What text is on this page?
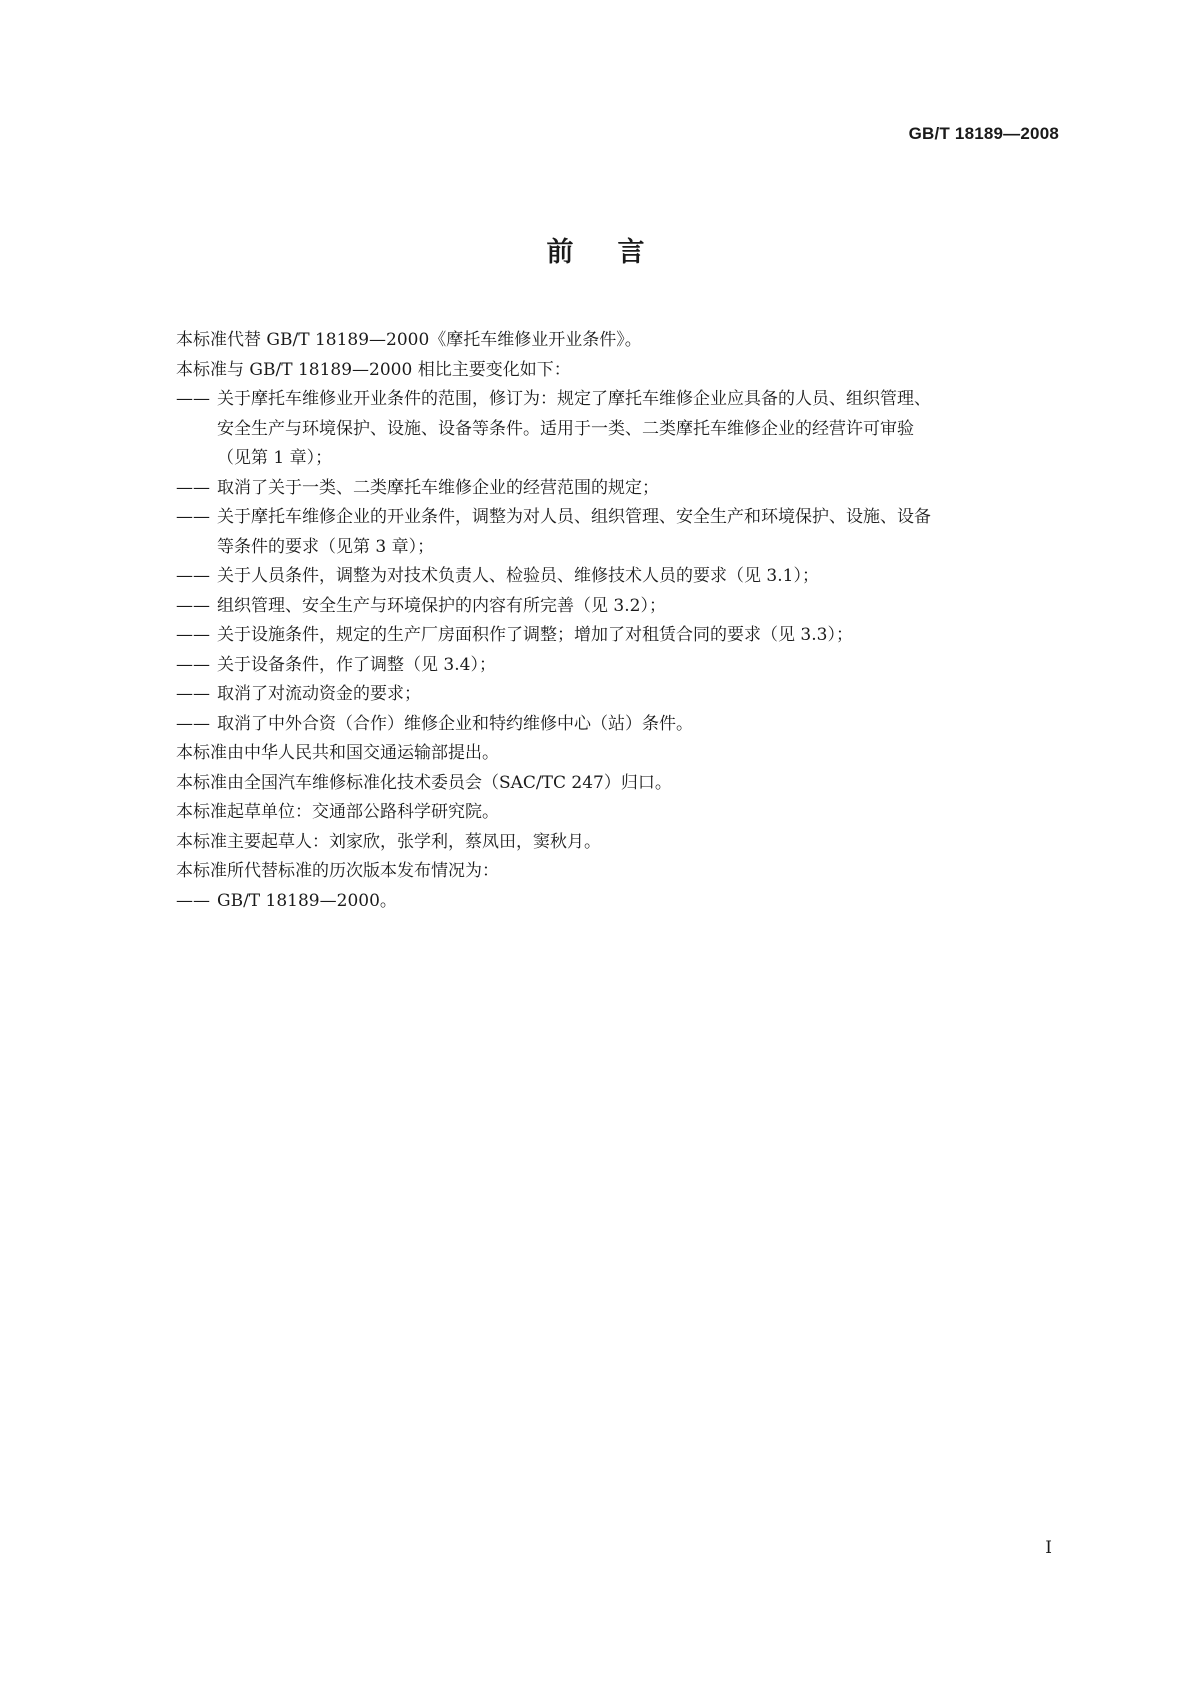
GB/T 18189—2008
前言
本标准代替 GB/T 18189—2000《摩托车维修业开业条件》。
本标准与 GB/T 18189—2000 相比主要变化如下：
—— 关于摩托车维修业开业条件的范围，修订为：规定了摩托车维修企业应具备的人员、组织管理、
安全生产与环境保护、设施、设备等条件。适用于一类、二类摩托车维修企业的经营许可审验
（见第 1 章）；
—— 取消了关于一类、二类摩托车维修企业的经营范围的规定；
—— 关于摩托车维修企业的开业条件，调整为对人员、组织管理、安全生产和环境保护、设施、设备
等条件的要求（见第 3 章）；
—— 关于人员条件，调整为对技术负责人、检验员、维修技术人员的要求（见 3.1）；
—— 组织管理、安全生产与环境保护的内容有所完善（见 3.2）；
—— 关于设施条件，规定的生产厂房面积作了调整；增加了对租赁合同的要求（见 3.3）；
—— 关于设备条件，作了调整（见 3.4）；
—— 取消了对流动资金的要求；
—— 取消了中外合资（合作）维修企业和特约维修中心（站）条件。
本标准由中华人民共和国交通运输部提出。
本标准由全国汽车维修标准化技术委员会（SAC/TC 247）归口。
本标准起草单位：交通部公路科学研究院。
本标准主要起草人：刘家欣，张学利，蔡凤田，窦秋月。
本标准所代替标准的历次版本发布情况为：
—— GB/T 18189—2000。
I
